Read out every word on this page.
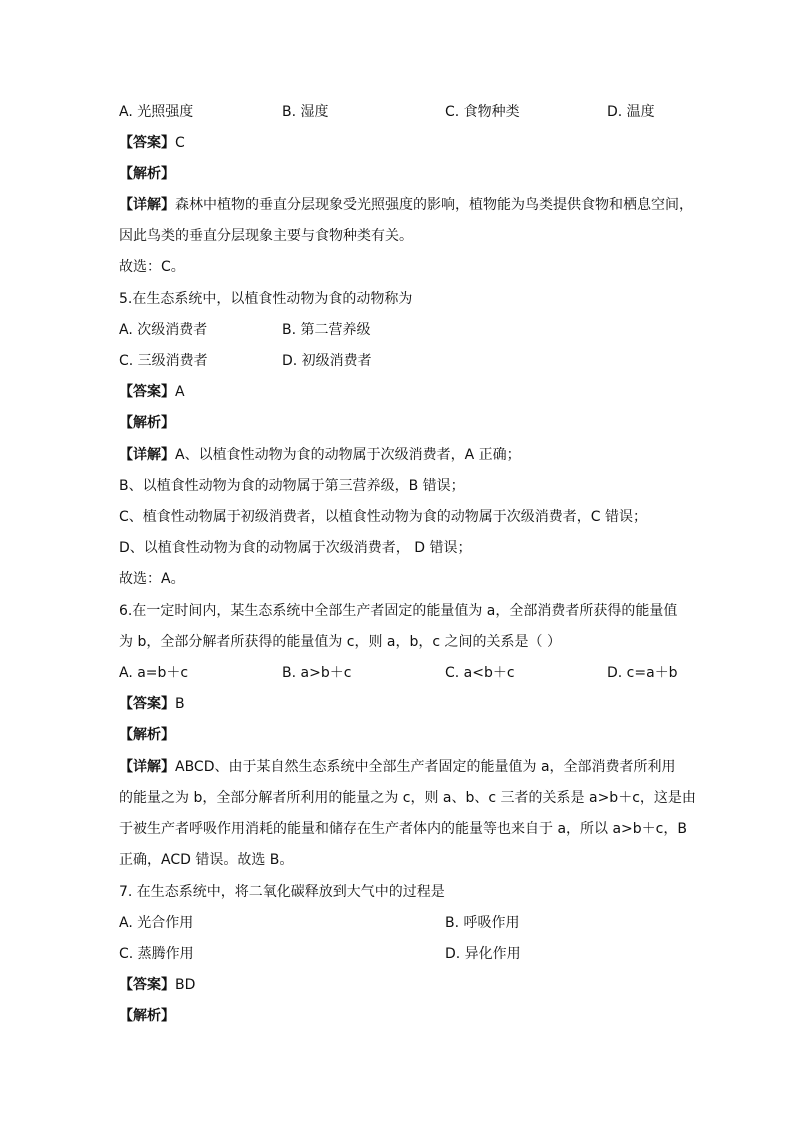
A. 光照强度	B. 湿度	C. 食物种类	D. 温度
【答案】C
【解析】
【详解】森林中植物的垂直分层现象受光照强度的影响，植物能为鸟类提供食物和栖息空间，
因此鸟类的垂直分层现象主要与食物种类有关。
故选：C。
5.在生态系统中，以植食性动物为食的动物称为
A. 次级消费者	B. 第二营养级
C. 三级消费者	D. 初级消费者
【答案】A
【解析】
【详解】A、以植食性动物为食的动物属于次级消费者，A 正确；
B、以植食性动物为食的动物属于第三营养级，B 错误；
C、植食性动物属于初级消费者，以植食性动物为食的动物属于次级消费者，C 错误；
D、以植食性动物为食的动物属于次级消费者， D 错误；
故选：A。
6.在一定时间内，某生态系统中全部生产者固定的能量值为 a，全部消费者所获得的能量值
为 b，全部分解者所获得的能量值为 c，则 a，b，c 之间的关系是（ ）
A. a=b＋c	B. a>b＋c	C. a<b＋c	D. c=a＋b
【答案】B
【解析】
【详解】ABCD、由于某自然生态系统中全部生产者固定的能量值为 a，全部消费者所利用
的能量之为 b，全部分解者所利用的能量之为 c，则 a、b、c 三者的关系是 a>b＋c，这是由
于被生产者呼吸作用消耗的能量和储存在生产者体内的能量等也来自于 a，所以 a>b＋c，B
正确，ACD 错误。故选 B。
7. 在生态系统中，将二氧化碳释放到大气中的过程是
A. 光合作用	B. 呼吸作用
C. 蒸腾作用	D. 异化作用
【答案】BD
【解析】
